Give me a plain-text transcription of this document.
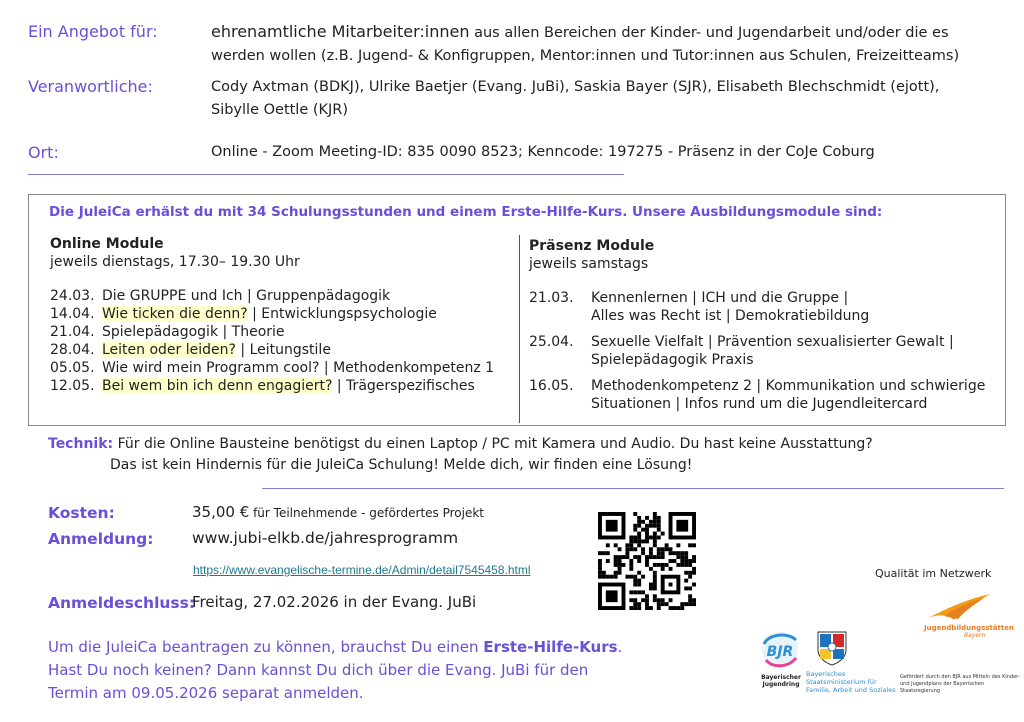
Ein Angebot für:	ehrenamtliche Mitarbeiter:innen aus allen Bereichen der Kinder- und Jugendarbeit und/oder die es
werden wollen (z.B. Jugend- & Konfigruppen, Mentor:innen und Tutor:innen aus Schulen, Freizeitteams)
Veranwortliche:	Cody Axtman (BDKJ), Ulrike Baetjer (Evang. JuBi), Saskia Bayer (SJR), Elisabeth Blechschmidt (ejott),
Sibylle Oettle (KJR)
Ort:	Online - Zoom Meeting-ID: 835 0090 8523; Kenncode: 197275 - Präsenz in der CoJe Coburg
Die JuleiCa erhälst du mit 34 Schulungsstunden und einem Erste-Hilfe-Kurs. Unsere Ausbildungsmodule sind:
Online Module
jeweils dienstags, 17.30– 19.30 Uhr
24.03. Die GRUPPE und Ich | Gruppenpädagogik
14.04. Wie ticken die denn? | Entwicklungspsychologie
21.04. Spielepädagogik | Theorie
28.04. Leiten oder leiden? | Leitungstile
05.05. Wie wird mein Programm cool? | Methodenkompetenz 1
12.05. Bei wem bin ich denn engagiert? | Trägerspezifisches
Präsenz Module
jeweils samstags
21.03. Kennenlernen | ICH und die Gruppe |
Alles was Recht ist | Demokratiebildung
25.04. Sexuelle Vielfalt | Prävention sexualisierter Gewalt |
Spielepädagogik Praxis
16.05. Methodenkompetenz 2 | Kommunikation und schwierige
Situationen | Infos rund um die Jugendleitercard
Technik: Für die Online Bausteine benötigst du einen Laptop / PC mit Kamera und Audio. Du hast keine Ausstattung?
Das ist kein Hindernis für die JuleiCa Schulung! Melde dich, wir finden eine Lösung!
Kosten:	35,00 € für Teilnehmende - gefördertes Projekt
Anmeldung: www.jubi-elkb.de/jahresprogramm
https://www.evangelische-termine.de/Admin/detail7545458.html
Anmeldeschluss:
Freitag, 27.02.2026 in der Evang. JuBi
Um die JuleiCa beantragen zu können, brauchst Du einen Erste-Hilfe-Kurs.
Hast Du noch keinen? Dann kannst Du dich über die Evang. JuBi für den
Termin am 09.05.2026 separat anmelden.
Qualität im Netzwerk
Jugendbildungsstätten
Bayern
BJR
Bayerischer
Jugendring
Bayerisches Staatsministerium für
Familie, Arbeit und Soziales
Gefördert durch den BJR aus Mitteln des Kinder-
und Jugendplans der Bayerischen Staatsregierung
